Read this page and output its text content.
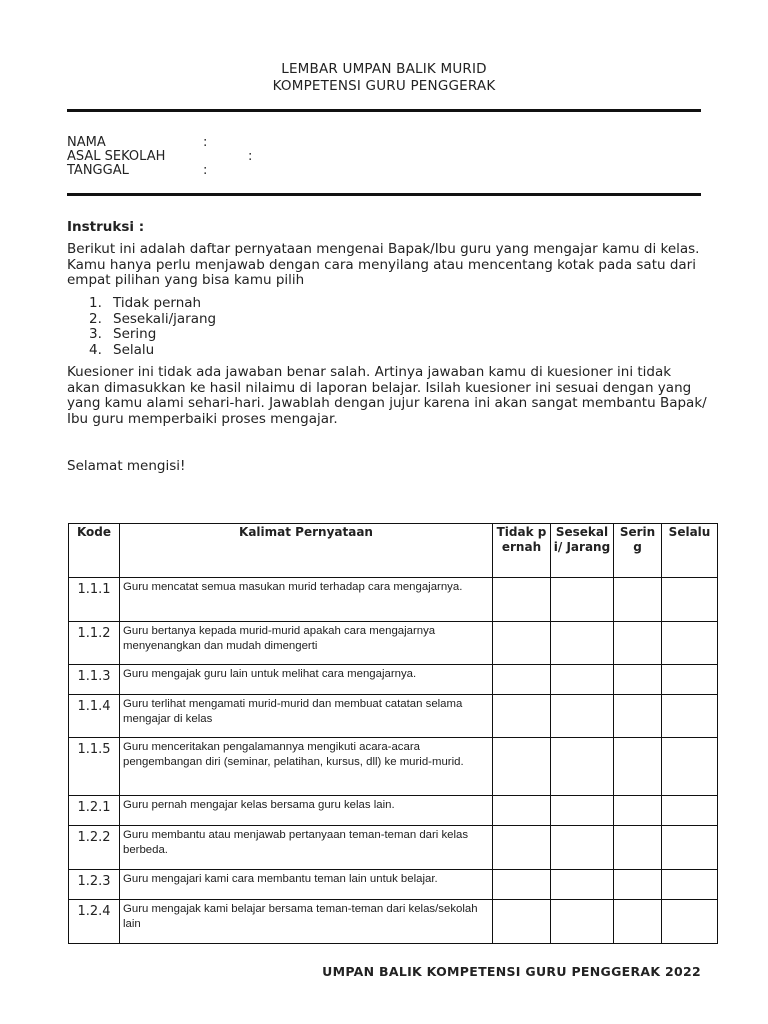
LEMBAR UMPAN BALIK MURID
KOMPETENSI GURU PENGGERAK
NAMA	:
ASAL SEKOLAH	:
TANGGAL	:
Instruksi :

Berikut ini adalah daftar pernyataan mengenai Bapak/Ibu guru yang mengajar kamu di kelas. Kamu hanya perlu menjawab dengan cara menyilang atau mencentang kotak pada satu dari empat pilihan yang bisa kamu pilih

1. Tidak pernah
2. Sesekali/jarang
3. Sering
4. Selalu

Kuesioner ini tidak ada jawaban benar salah. Artinya jawaban kamu di kuesioner ini tidak akan dimasukkan ke hasil nilaimu di laporan belajar. Isilah kuesioner ini sesuai dengan yang yang kamu alami sehari-hari. Jawablah dengan jujur karena ini akan sangat membantu Bapak/ Ibu guru memperbaiki proses mengajar.

Selamat mengisi!

Kode	Kalimat Pernyataan	Tidak pernah	Sesekali/ Jarang	Sering	Selalu
1.1.1	Guru mencatat semua masukan murid terhadap cara mengajarnya.				
1.1.2	Guru bertanya kepada murid-murid apakah cara mengajarnya menyenangkan dan mudah dimengerti				
1.1.3	Guru mengajak guru lain untuk melihat cara mengajarnya.				
1.1.4	Guru terlihat mengamati murid-murid dan membuat catatan selama mengajar di kelas				
1.1.5	Guru menceritakan pengalamannya mengikuti acara-acara pengembangan diri (seminar, pelatihan, kursus, dll) ke murid-murid.				
1.2.1	Guru pernah mengajar kelas bersama guru kelas lain.				
1.2.2	Guru membantu atau menjawab pertanyaan teman-teman dari kelas berbeda.				
1.2.3	Guru mengajari kami cara membantu teman lain untuk belajar.				
1.2.4	Guru mengajak kami belajar bersama teman-teman dari kelas/sekolah lain				
UMPAN BALIK KOMPETENSI GURU PENGGERAK 2022
